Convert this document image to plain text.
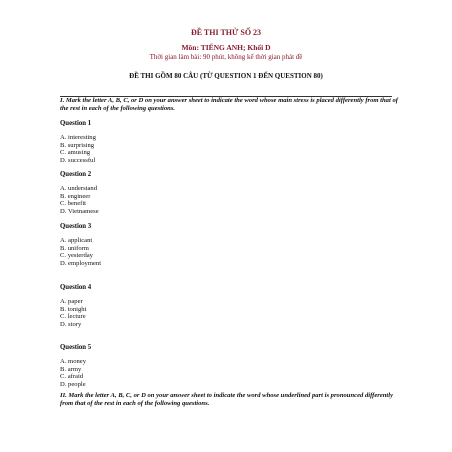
ĐỀ THI THỬ SỐ 23
Môn: TIẾNG ANH; Khối D
Thời gian làm bài: 90 phút, không kể thời gian phát đề
ĐỀ THI GỒM 80 CÂU (TỪ QUESTION 1 ĐẾN QUESTION 80)
I. Mark the letter A, B, C, or D on your answer sheet to indicate the word whose main stress is placed differently from that of the rest in each of the following questions.
Question 1
A. interesting
B. surprising
C. amusing
D. successful
Question 2
A. understand
B. engineer
C. benefit
D. Vietnamese
Question 3
A. applicant
B. uniform
C. yesterday
D. employment
Question 4
A. paper
B. tonight
C. lecture
D. story
Question 5
A. money
B. army
C. afraid
D. people
II. Mark the letter A, B, C, or D on your answer sheet to indicate the word whose underlined part is pronounced differently from that of the rest in each of the following questions.
